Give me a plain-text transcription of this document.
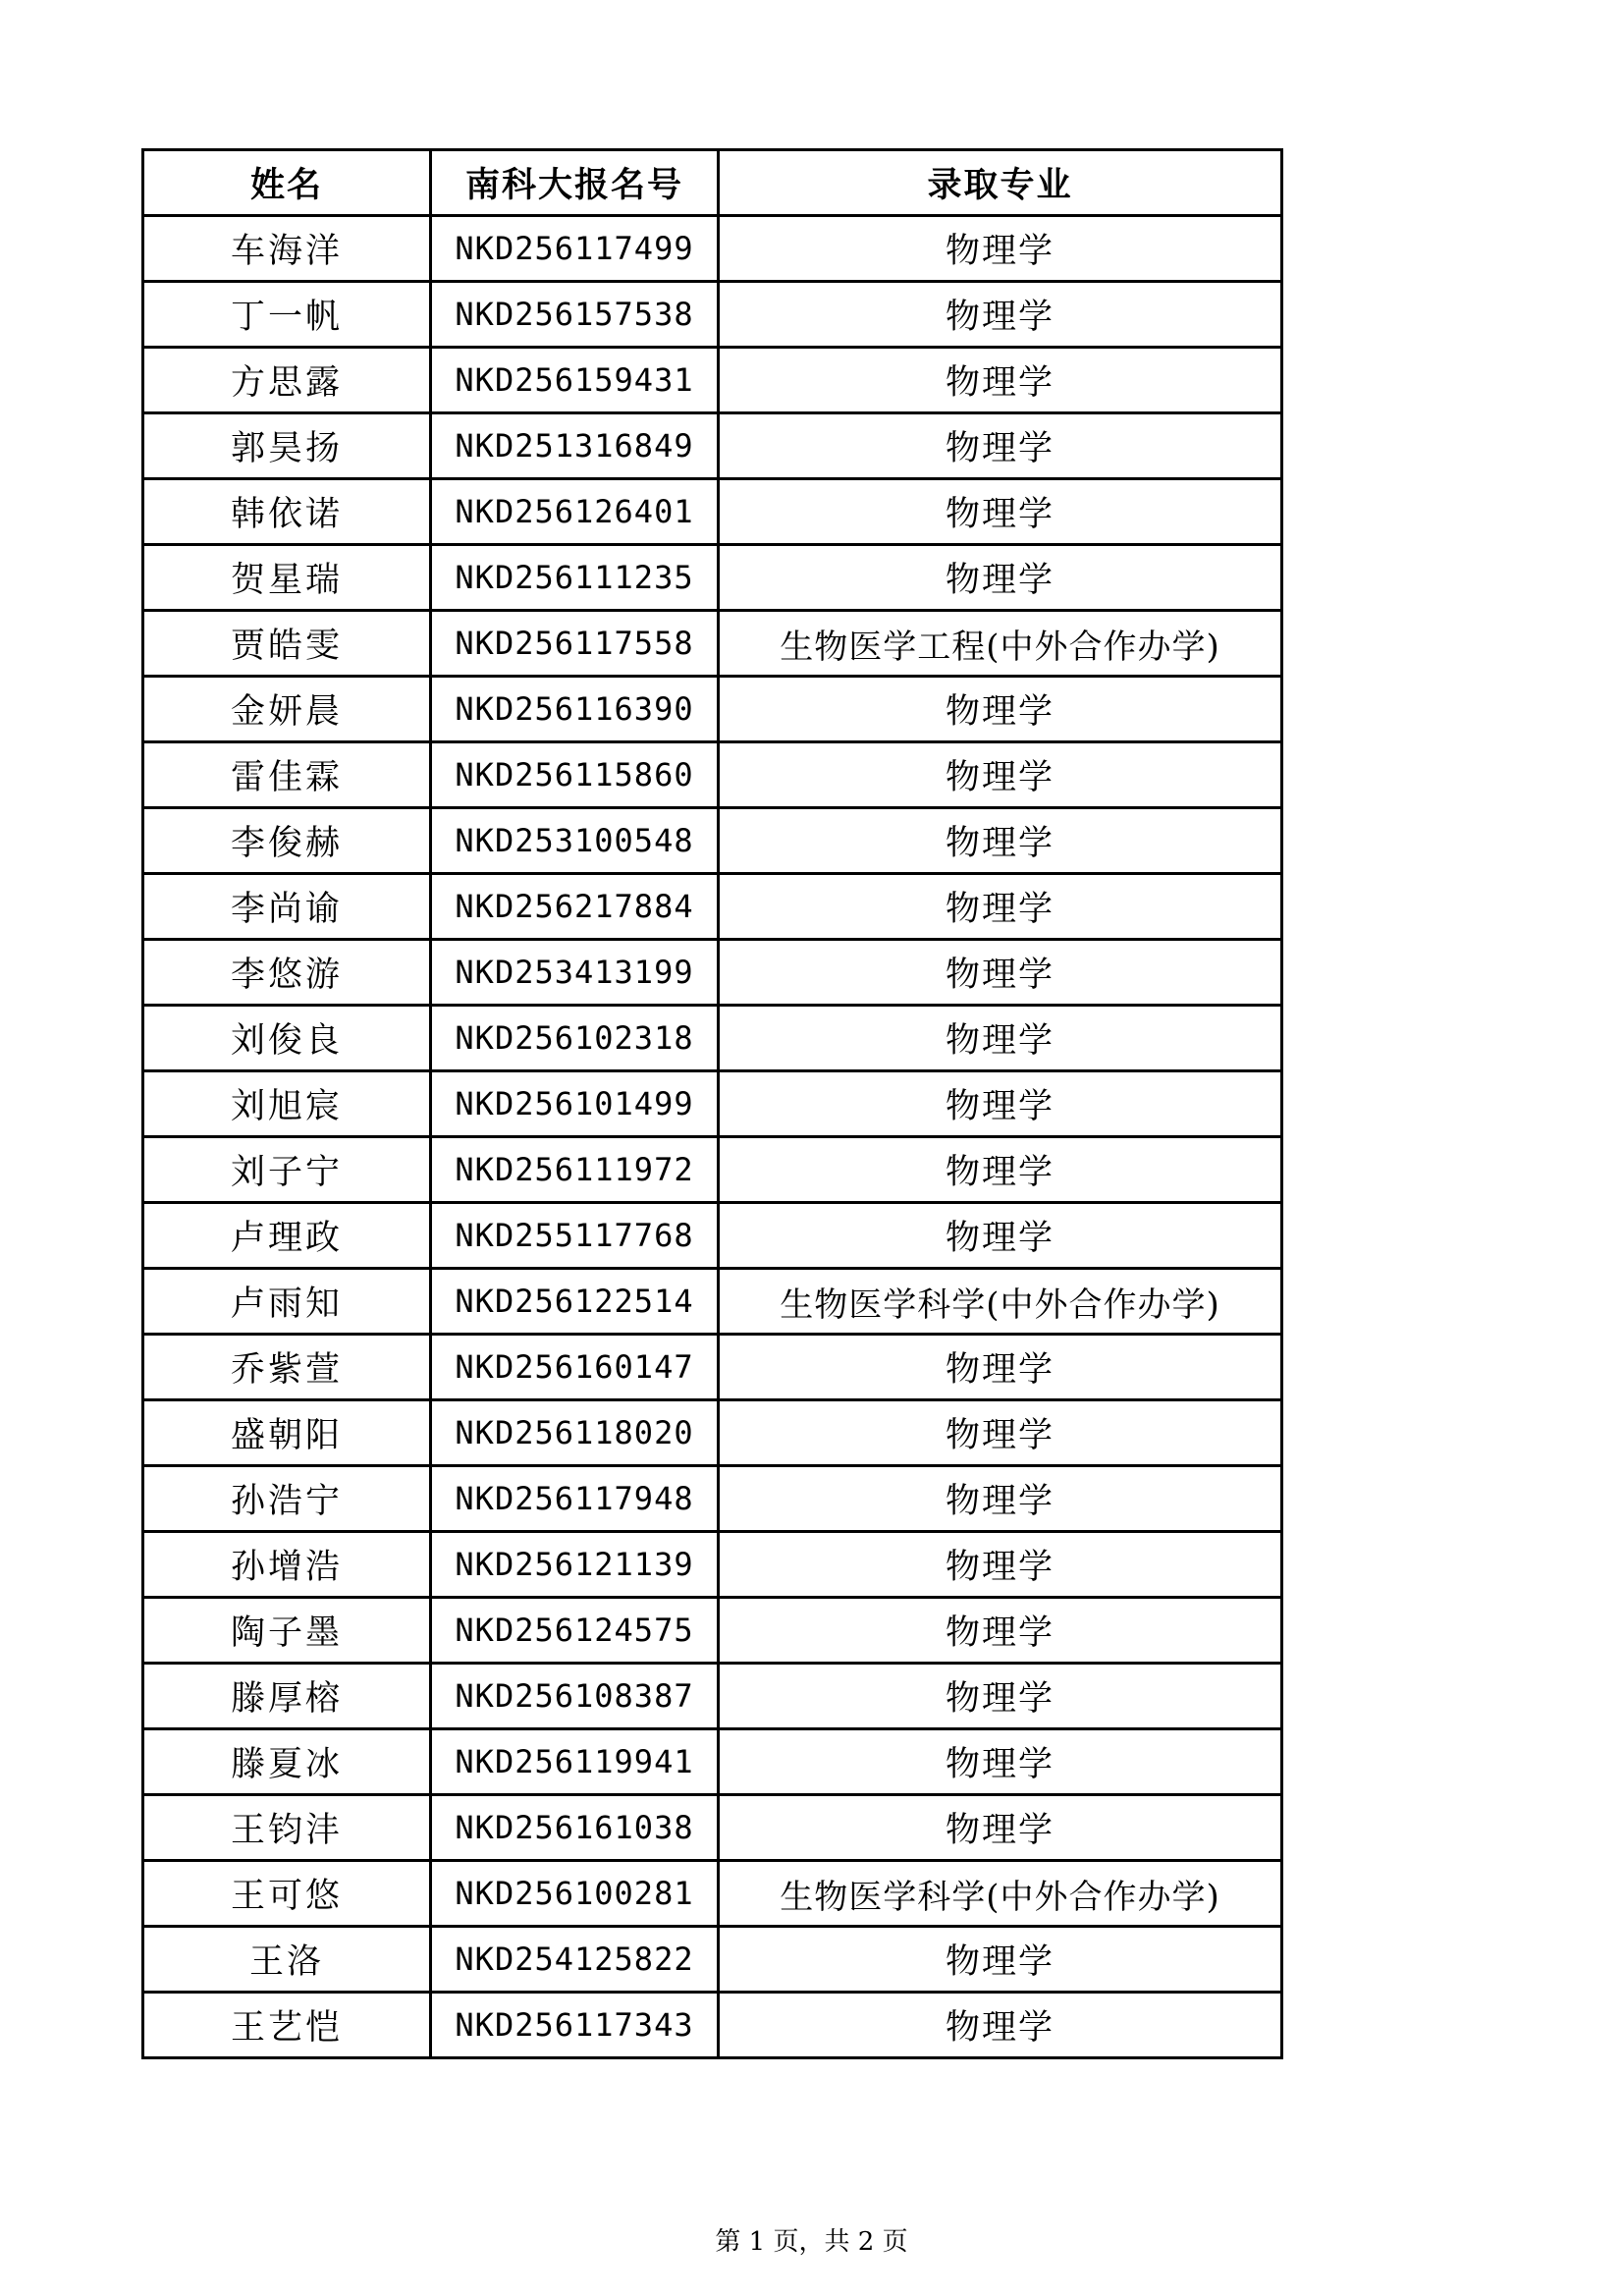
姓名	南科大报名号	录取专业
车海洋	NKD256117499	物理学
丁一帆	NKD256157538	物理学
方思露	NKD256159431	物理学
郭昊扬	NKD251316849	物理学
韩依诺	NKD256126401	物理学
贺星瑞	NKD256111235	物理学
贾皓雯	NKD256117558	生物医学工程(中外合作办学)
金妍晨	NKD256116390	物理学
雷佳霖	NKD256115860	物理学
李俊赫	NKD253100548	物理学
李尚谕	NKD256217884	物理学
李悠游	NKD253413199	物理学
刘俊良	NKD256102318	物理学
刘旭宸	NKD256101499	物理学
刘子宁	NKD256111972	物理学
卢理政	NKD255117768	物理学
卢雨知	NKD256122514	生物医学科学(中外合作办学)
乔紫萱	NKD256160147	物理学
盛朝阳	NKD256118020	物理学
孙浩宁	NKD256117948	物理学
孙增浩	NKD256121139	物理学
陶子墨	NKD256124575	物理学
滕厚榕	NKD256108387	物理学
滕夏冰	NKD256119941	物理学
王钧沣	NKD256161038	物理学
王可悠	NKD256100281	生物医学科学(中外合作办学)
王洛	NKD254125822	物理学
王艺恺	NKD256117343	物理学
第 1 页，共 2 页
